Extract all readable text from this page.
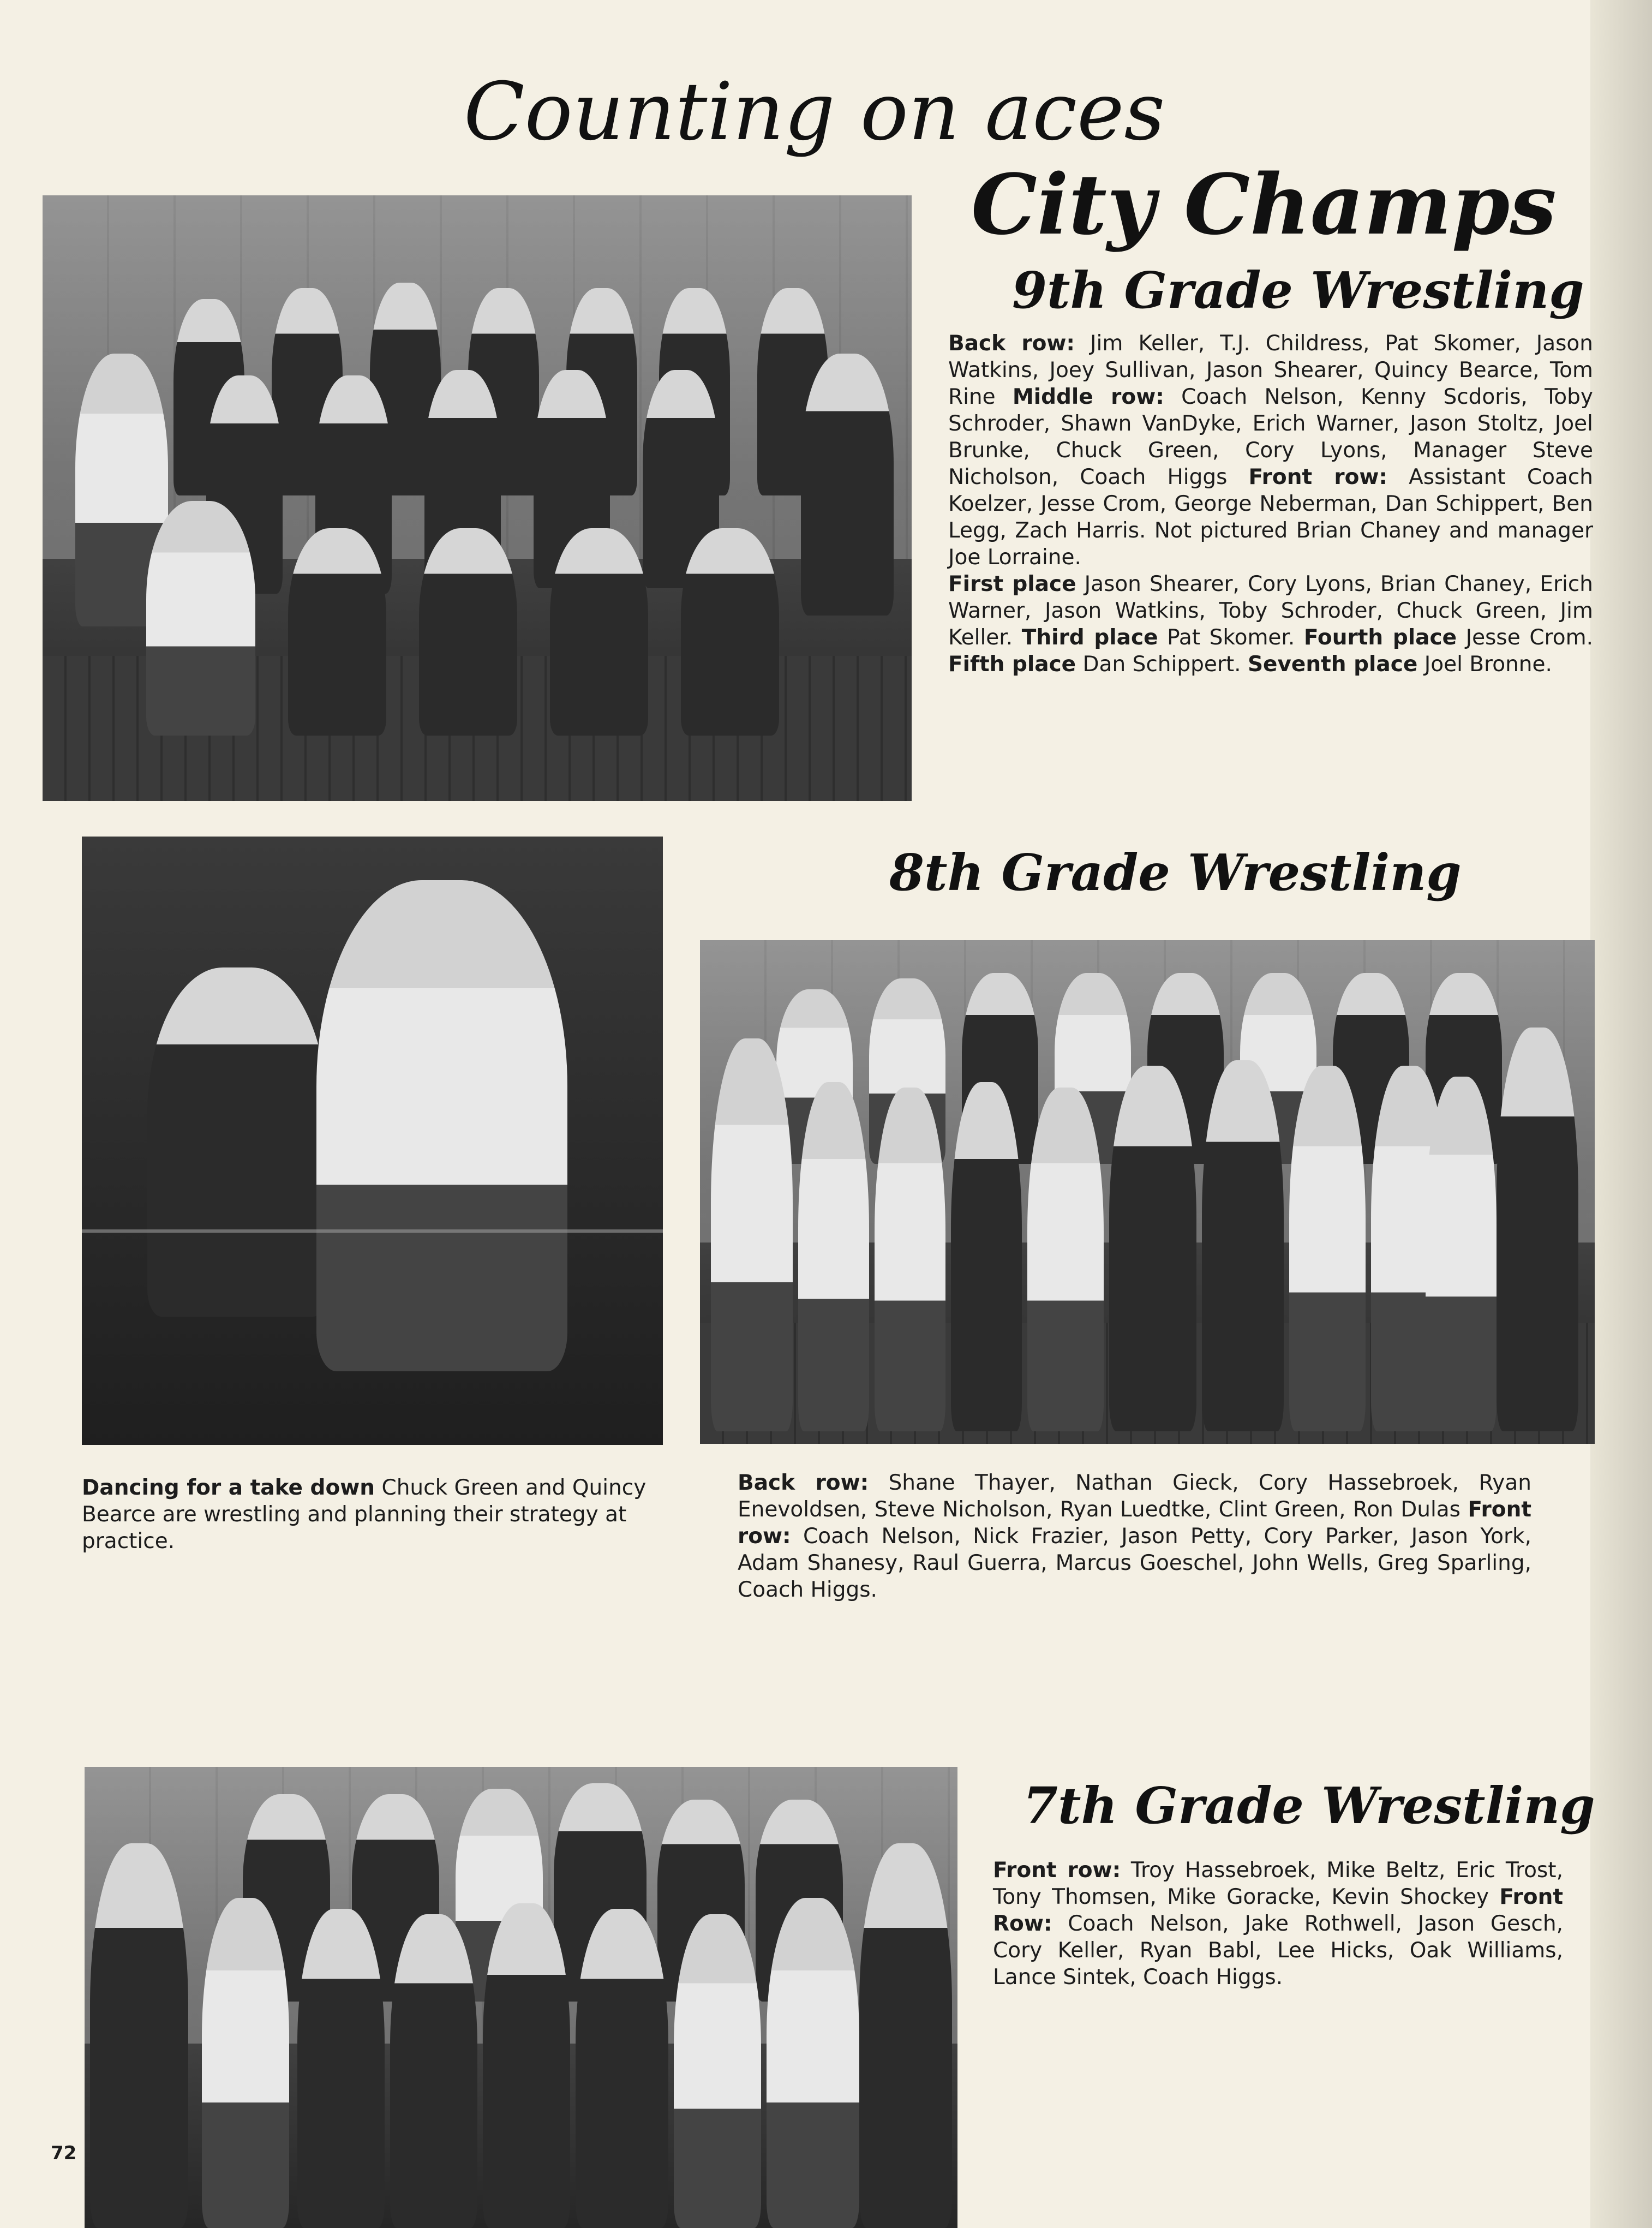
Counting on aces
City Champs
9th Grade Wrestling

Back row: Jim Keller, T.J. Childress, Pat Skomer, Jason Watkins, Joey Sullivan, Jason Shearer, Quincy Bearce, Tom Rine Middle row: Coach Nelson, Kenny Scdoris, Toby Schroder, Shawn VanDyke, Erich Warner, Jason Stoltz, Joel Brunke, Chuck Green, Cory Lyons, Manager Steve Nicholson, Coach Higgs Front row: Assistant Coach Koelzer, Jesse Crom, George Neberman, Dan Schippert, Ben Legg, Zach Harris. Not pictured Brian Chaney and manager Joe Lorraine.

First place Jason Shearer, Cory Lyons, Brian Chaney, Erich Warner, Jason Watkins, Toby Schroder, Chuck Green, Jim Keller. Third place Pat Skomer. Fourth place Jesse Crom. Fifth place Dan Schippert. Seventh place Joel Bronne.

Dancing for a take down Chuck Green and Quincy Bearce are wrestling and planning their strategy at practice.
8th Grade Wrestling
Back row: Shane Thayer, Nathan Gieck, Cory Hassebroek, Ryan Enevoldsen, Steve Nicholson, Ryan Luedtke, Clint Green, Ron Dulas Front row: Coach Nelson, Nick Frazier, Jason Petty, Cory Parker, Jason York, Adam Shanesy, Raul Guerra, Marcus Goeschel, John Wells, Greg Sparling, Coach Higgs.
7th Grade Wrestling
Front row: Troy Hassebroek, Mike Beltz, Eric Trost, Tony Thomsen, Mike Goracke, Kevin Shockey Front Row: Coach Nelson, Jake Rothwell, Jason Gesch, Cory Keller, Ryan Babl, Lee Hicks, Oak Williams, Lance Sintek, Coach Higgs.
72
